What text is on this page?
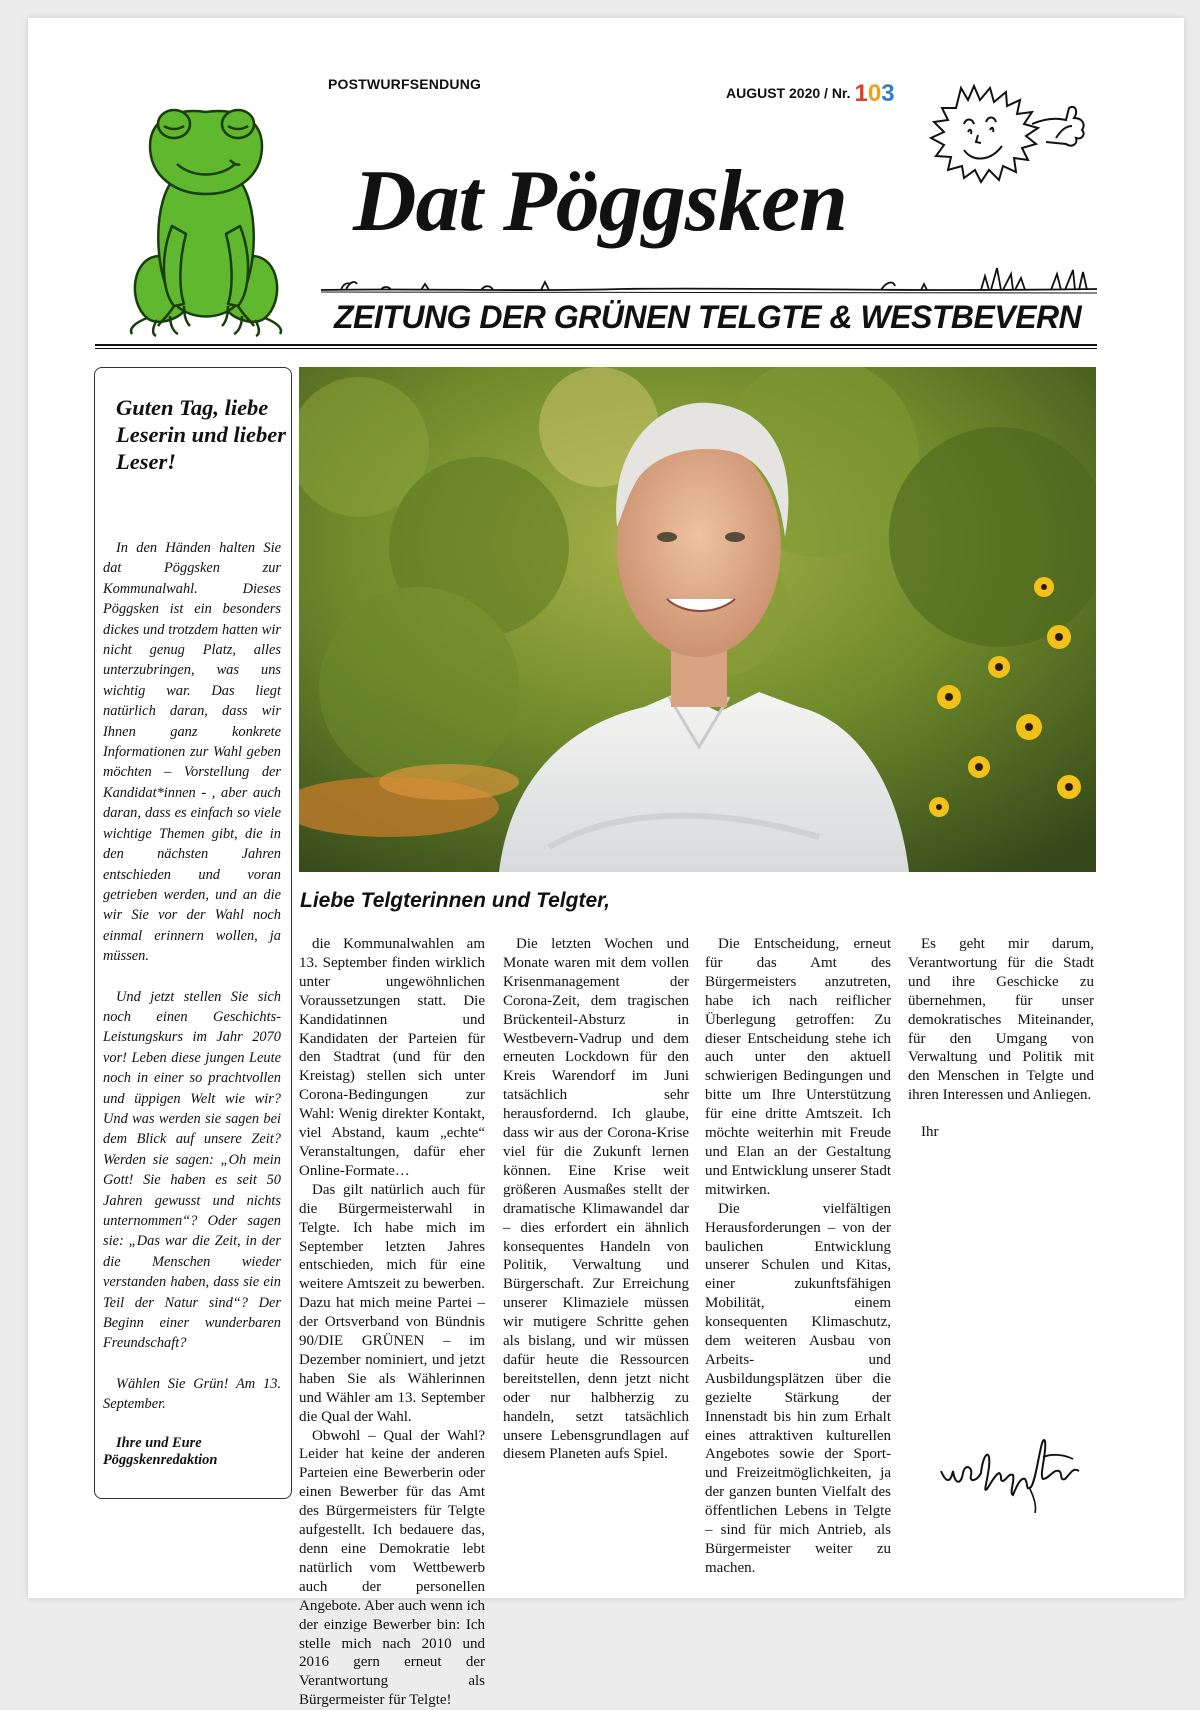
POSTWURFSENDUNG
AUGUST 2020 / Nr. 103
Dat Pöggsken
ZEITUNG DER GRÜNEN TELGTE & WESTBEVERN
Guten Tag, liebe Leserin und lieber Leser!

In den Händen halten Sie dat Pöggsken zur Kommunalwahl. Dieses Pöggsken ist ein besonders dickes und trotzdem hatten wir nicht genug Platz, alles unterzubringen, was uns wichtig war. Das liegt natürlich daran, dass wir Ihnen ganz konkrete Informationen zur Wahl geben möchten – Vorstellung der Kandidat*innen - , aber auch daran, dass es einfach so viele wichtige Themen gibt, die in den nächsten Jahren entschieden und voran getrieben werden, und an die wir Sie vor der Wahl noch einmal erinnern wollen, ja müssen.

Und jetzt stellen Sie sich noch einen Geschichts-Leistungskurs im Jahr 2070 vor! Leben diese jungen Leute noch in einer so prachtvollen und üppigen Welt wie wir? Und was werden sie sagen bei dem Blick auf unsere Zeit? Werden sie sagen: „Oh mein Gott! Sie haben es seit 50 Jahren gewusst und nichts unternommen“? Oder sagen sie: „Das war die Zeit, in der die Menschen wieder verstanden haben, dass sie ein Teil der Natur sind“? Der Beginn einer wunderbaren Freundschaft?

Wählen Sie Grün! Am 13. September.

Ihre und Eure Pöggskenredaktion

Liebe Telgterinnen und Telgter,

die Kommunalwahlen am 13. September finden wirklich unter ungewöhnlichen Voraussetzungen statt. Die Kandidatinnen und Kandidaten der Parteien für den Stadtrat (und für den Kreistag) stellen sich unter Corona-Bedingungen zur Wahl: Wenig direkter Kontakt, viel Abstand, kaum „echte“ Veranstaltungen, dafür eher Online-Formate…

Das gilt natürlich auch für die Bürgermeisterwahl in Telgte. Ich habe mich im September letzten Jahres entschieden, mich für eine weitere Amtszeit zu bewerben. Dazu hat mich meine Partei – der Ortsverband von Bündnis 90/DIE GRÜNEN – im Dezember nominiert, und jetzt haben Sie als Wählerinnen und Wähler am 13. September die Qual der Wahl.

Obwohl – Qual der Wahl? Leider hat keine der anderen Parteien eine Bewerberin oder einen Bewerber für das Amt des Bürgermeisters für Telgte aufgestellt. Ich bedauere das, denn eine Demokratie lebt natürlich vom Wettbewerb auch der personellen Angebote. Aber auch wenn ich der einzige Bewerber bin: Ich stelle mich nach 2010 und 2016 gern erneut der Verantwortung als Bürgermeister für Telgte!

Die letzten Wochen und Monate waren mit dem vollen Krisenmanagement der Corona-Zeit, dem tragischen Brückenteil-Absturz in Westbevern-Vadrup und dem erneuten Lockdown für den Kreis Warendorf im Juni tatsächlich sehr herausfordernd. Ich glaube, dass wir aus der Corona-Krise viel für die Zukunft lernen können. Eine Krise weit größeren Ausmaßes stellt der dramatische Klimawandel dar – dies erfordert ein ähnlich konsequentes Handeln von Politik, Verwaltung und Bürgerschaft. Zur Erreichung unserer Klimaziele müssen wir mutigere Schritte gehen als bislang, und wir müssen dafür heute die Ressourcen bereitstellen, denn jetzt nicht oder nur halbherzig zu handeln, setzt tatsächlich unsere Lebensgrundlagen auf diesem Planeten aufs Spiel.

Die Entscheidung, erneut für das Amt des Bürgermeisters anzutreten, habe ich nach reiflicher Überlegung getroffen: Zu dieser Entscheidung stehe ich auch unter den aktuell schwierigen Bedingungen und bitte um Ihre Unterstützung für eine dritte Amtszeit. Ich möchte weiterhin mit Freude und Elan an der Gestaltung und Entwicklung unserer Stadt mitwirken.

Die vielfältigen Herausforderungen – von der baulichen Entwicklung unserer Schulen und Kitas, einer zukunftsfähigen Mobilität, einem konsequenten Klimaschutz, dem weiteren Ausbau von Arbeits- und Ausbildungsplätzen über die gezielte Stärkung der Innenstadt bis hin zum Erhalt eines attraktiven kulturellen Angebotes sowie der Sport- und Freizeitmöglichkeiten, ja der ganzen bunten Vielfalt des öffentlichen Lebens in Telgte – sind für mich Antrieb, als Bürgermeister weiter zu machen.

Es geht mir darum, Verantwortung für die Stadt und ihre Geschicke zu übernehmen, für unser demokratisches Miteinander, für den Umgang von Verwaltung und Politik mit den Menschen in Telgte und ihren Interessen und Anliegen.

Ihr
